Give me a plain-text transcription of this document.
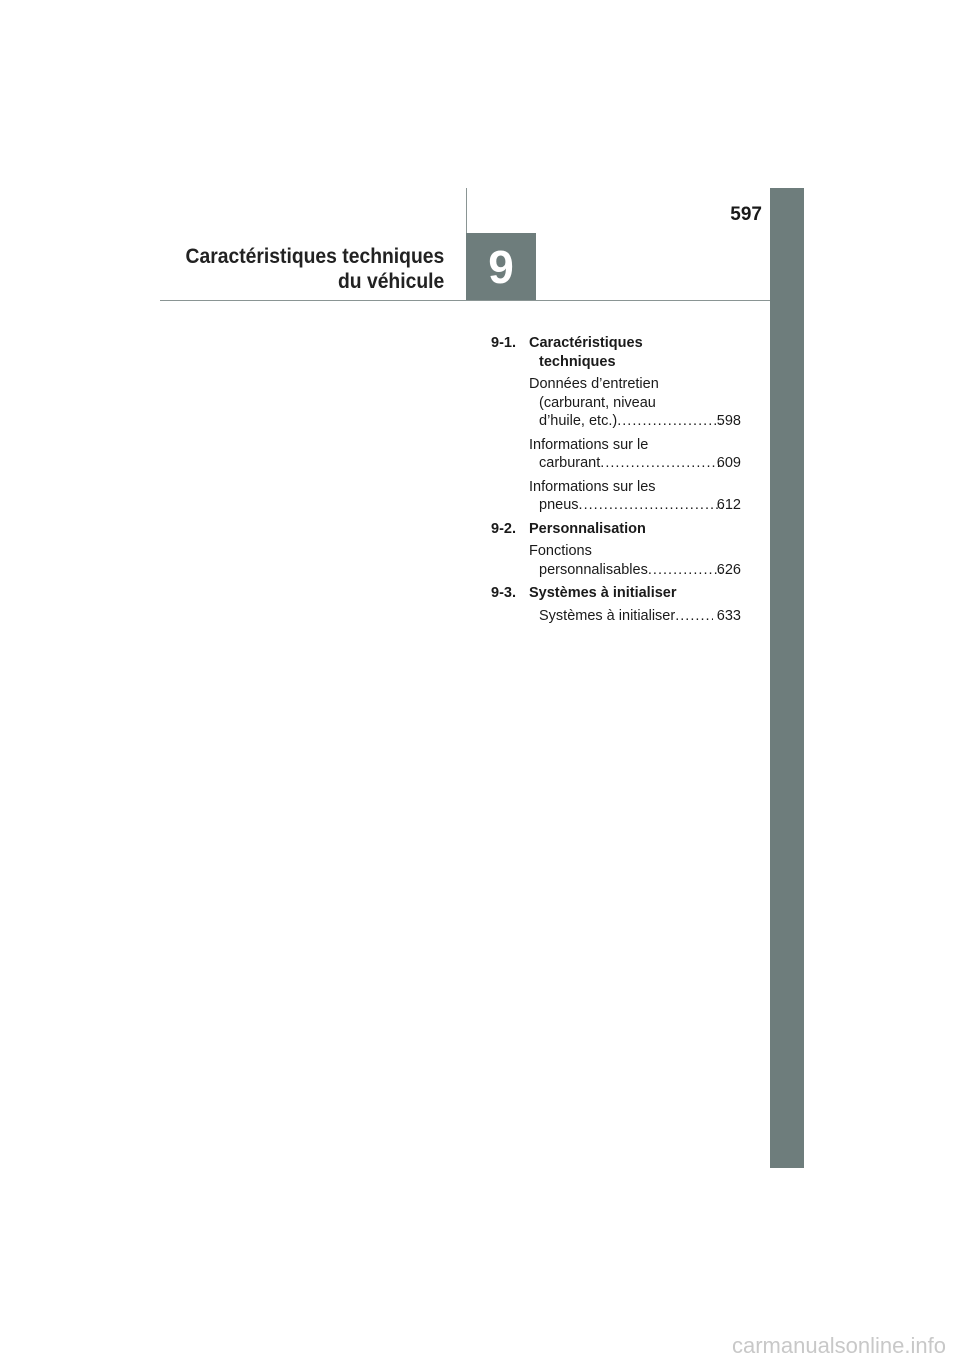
9
597
Caractéristiques techniques
du véhicule
9-1. Caractéristiques
techniques
Données d’entretien
(carburant, niveau
d’huile, etc.) . . .	598
Informations sur le
carburant . . .	609
Informations sur les
pneus . . .	612
9-2. Personnalisation
Fonctions
personnalisables . . .	626
9-3. Systèmes à initialiser
Systèmes à initialiser . . .	633
carmanualsonline.info
